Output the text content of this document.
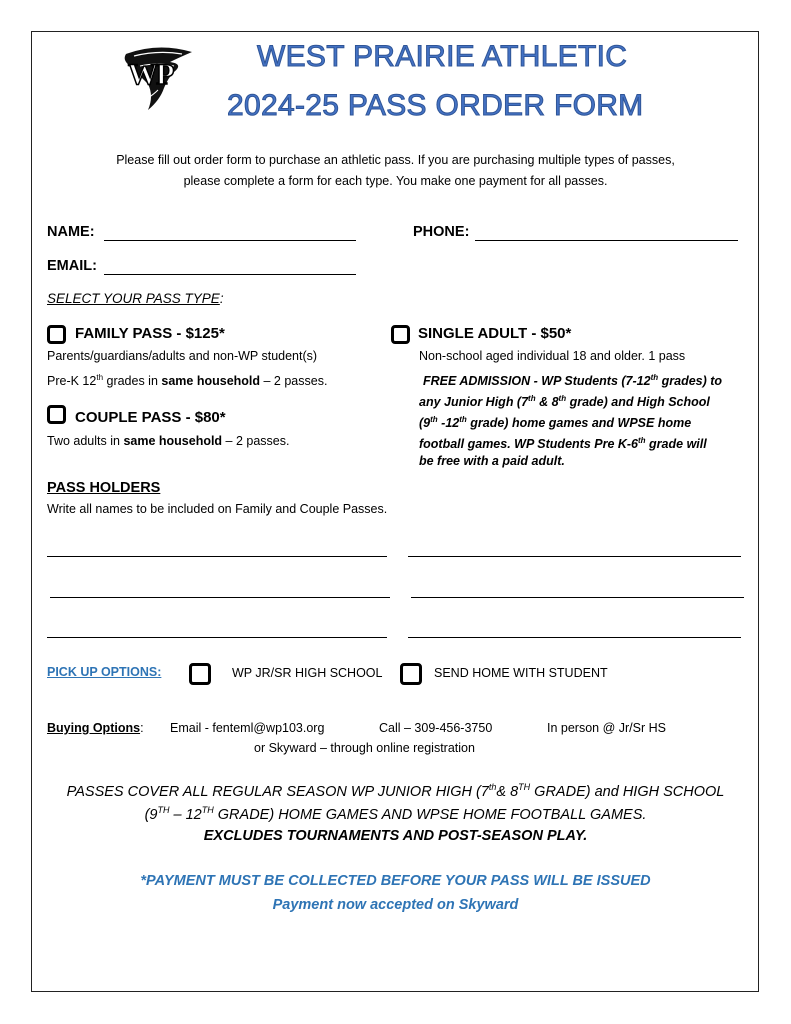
WP
WEST PRAIRIE ATHLETIC
2024-25 PASS ORDER FORM
Please fill out order form to purchase an athletic pass. If you are purchasing multiple types of passes,
please complete a form for each type. You make one payment for all passes.
NAME:	PHONE:
EMAIL:
SELECT YOUR PASS TYPE:
FAMILY PASS - $125*
Parents/guardians/adults and non-WP student(s)
Pre-K 12th grades in same household – 2 passes.
COUPLE PASS - $80*
Two adults in same household – 2 passes.
SINGLE ADULT - $50*
Non-school aged individual 18 and older. 1 pass
FREE ADMISSION - WP Students (7-12th grades) to
any Junior High (7th & 8th grade) and High School
(9th -12th grade) home games and WPSE home
football games. WP Students Pre K-6th grade will
be free with a paid adult.
PASS HOLDERS
Write all names to be included on Family and Couple Passes.
PICK UP OPTIONS:	WP JR/SR HIGH SCHOOL	SEND HOME WITH STUDENT
Buying Options: Email - fenteml@wp103.org	Call – 309-456-3750	In person @ Jr/Sr HS
or Skyward – through online registration
PASSES COVER ALL REGULAR SEASON WP JUNIOR HIGH (7th& 8TH GRADE) and HIGH SCHOOL
(9TH – 12TH GRADE) HOME GAMES AND WPSE HOME FOOTBALL GAMES.
EXCLUDES TOURNAMENTS AND POST-SEASON PLAY.
*PAYMENT MUST BE COLLECTED BEFORE YOUR PASS WILL BE ISSUED
Payment now accepted on Skyward
